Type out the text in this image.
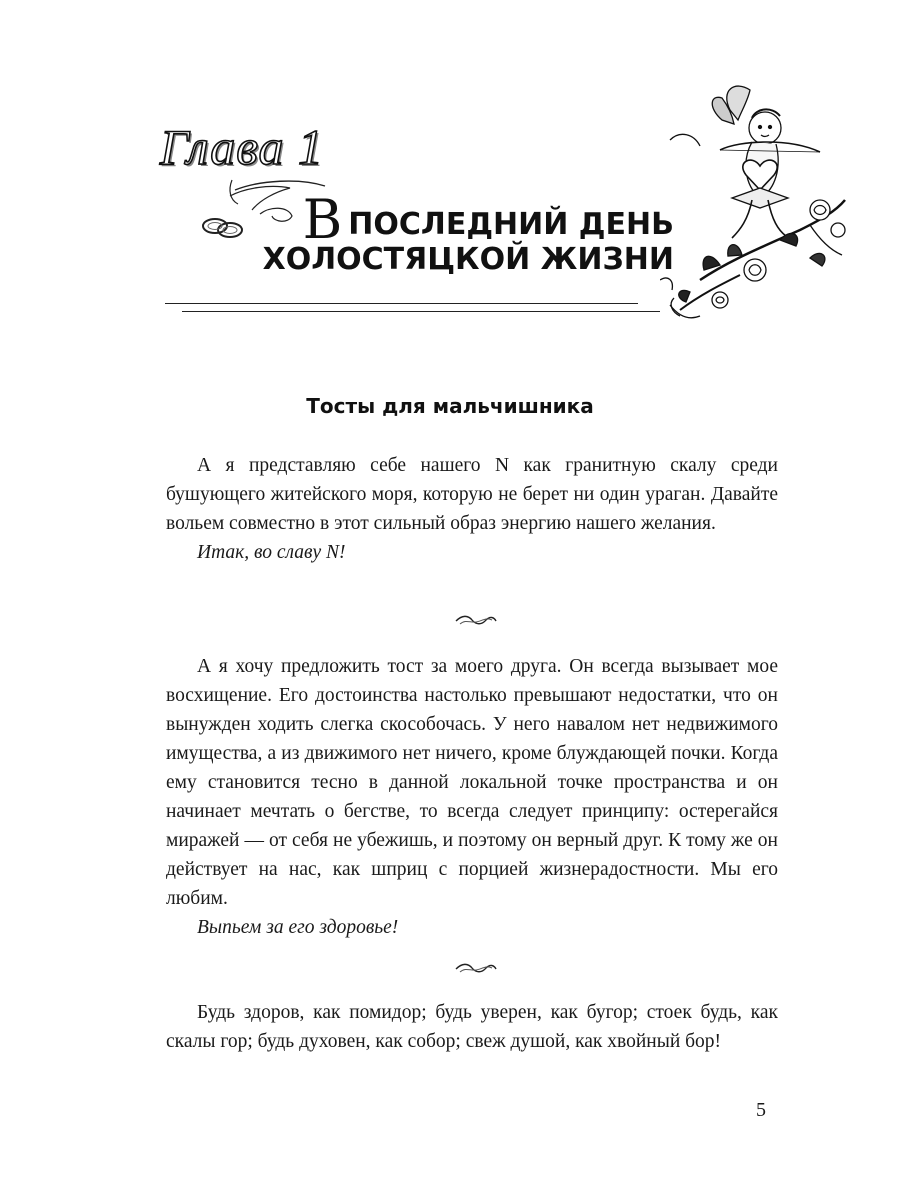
Глава 1
ВПОСЛЕДНИЙ ДЕНЬ
ХОЛОСТЯЦКОЙ ЖИЗНИ
Тосты для мальчишника

А я представляю себе нашего N как гранитную скалу среди бушующего житейского моря, которую не берет ни один ураган. Давайте вольем совместно в этот сильный образ энергию нашего желания.

Итак, во славу N!

А я хочу предложить тост за моего друга. Он всегда вызывает мое восхищение. Его достоинства настолько превышают недостатки, что он вынужден ходить слегка скособочась. У него навалом нет недвижимого имущества, а из движимого нет ничего, кроме блуждающей почки. Когда ему становится тесно в данной локальной точке пространства и он начинает мечтать о бегстве, то всегда следует принципу: остерегайся миражей — от себя не убежишь, и поэтому он верный друг. К тому же он действует на нас, как шприц с порцией жизнерадостности. Мы его любим.

Выпьем за его здоровье!

Будь здоров, как помидор; будь уверен, как бугор; стоек будь, как скалы гор; будь духовен, как собор; свеж душой, как хвойный бор!

5
